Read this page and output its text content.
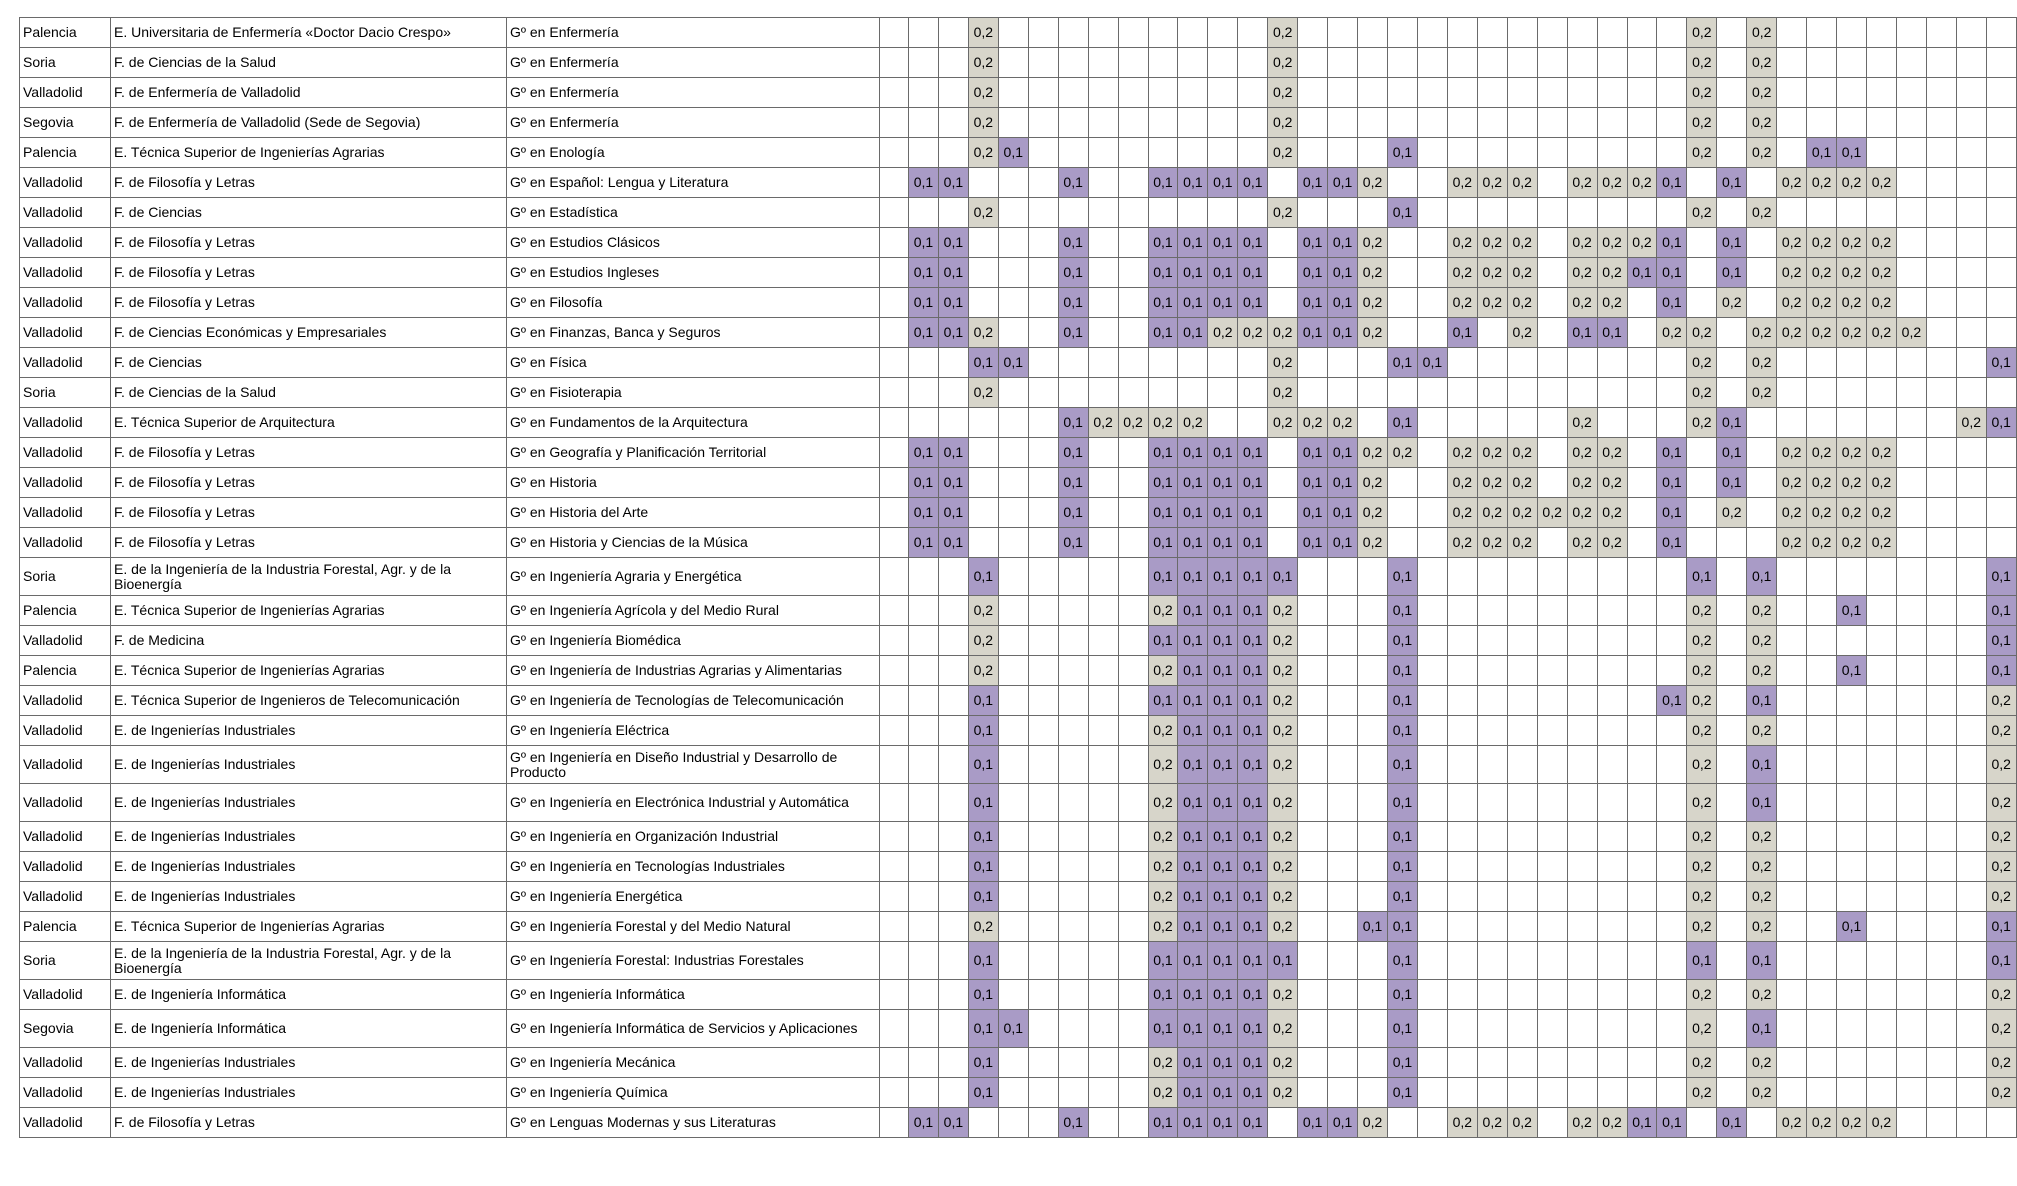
Palencia	E. Universitaria de Enfermería «Doctor Dacio Crespo»	Gº en Enfermería				0,2										0,2														0,2		0,2								
Soria	F. de Ciencias de la Salud	Gº en Enfermería				0,2										0,2														0,2		0,2								
Valladolid	F. de Enfermería de Valladolid	Gº en Enfermería				0,2										0,2														0,2		0,2								
Segovia	F. de Enfermería de Valladolid (Sede de Segovia)	Gº en Enfermería				0,2										0,2														0,2		0,2								
Palencia	E. Técnica Superior de Ingenierías Agrarias	Gº en Enología				0,2	0,1									0,2				0,1										0,2		0,2		0,1	0,1					
Valladolid	F. de Filosofía y Letras	Gº en Español: Lengua y Literatura		0,1	0,1				0,1			0,1	0,1	0,1	0,1		0,1	0,1	0,2			0,2	0,2	0,2		0,2	0,2	0,2	0,1		0,1		0,2	0,2	0,2	0,2				
Valladolid	F. de Ciencias	Gº en Estadística				0,2										0,2				0,1										0,2		0,2								
Valladolid	F. de Filosofía y Letras	Gº en Estudios Clásicos		0,1	0,1				0,1			0,1	0,1	0,1	0,1		0,1	0,1	0,2			0,2	0,2	0,2		0,2	0,2	0,2	0,1		0,1		0,2	0,2	0,2	0,2				
Valladolid	F. de Filosofía y Letras	Gº en Estudios Ingleses		0,1	0,1				0,1			0,1	0,1	0,1	0,1		0,1	0,1	0,2			0,2	0,2	0,2		0,2	0,2	0,1	0,1		0,1		0,2	0,2	0,2	0,2				
Valladolid	F. de Filosofía y Letras	Gº en Filosofía		0,1	0,1				0,1			0,1	0,1	0,1	0,1		0,1	0,1	0,2			0,2	0,2	0,2		0,2	0,2		0,1		0,2		0,2	0,2	0,2	0,2				
Valladolid	F. de Ciencias Económicas y Empresariales	Gº en Finanzas, Banca y Seguros		0,1	0,1	0,2			0,1			0,1	0,1	0,2	0,2	0,2	0,1	0,1	0,2			0,1		0,2		0,1	0,1		0,2	0,2		0,2	0,2	0,2	0,2	0,2	0,2			
Valladolid	F. de Ciencias	Gº en Física				0,1	0,1									0,2				0,1	0,1									0,2		0,2								0,1
Soria	F. de Ciencias de la Salud	Gº en Fisioterapia				0,2										0,2														0,2		0,2								
Valladolid	E. Técnica Superior de Arquitectura	Gº en Fundamentos de la Arquitectura							0,1	0,2	0,2	0,2	0,2			0,2	0,2	0,2		0,1						0,2				0,2	0,1								0,2	0,1
Valladolid	F. de Filosofía y Letras	Gº en Geografía y Planificación Territorial		0,1	0,1				0,1			0,1	0,1	0,1	0,1		0,1	0,1	0,2	0,2		0,2	0,2	0,2		0,2	0,2		0,1		0,1		0,2	0,2	0,2	0,2				
Valladolid	F. de Filosofía y Letras	Gº en Historia		0,1	0,1				0,1			0,1	0,1	0,1	0,1		0,1	0,1	0,2			0,2	0,2	0,2		0,2	0,2		0,1		0,1		0,2	0,2	0,2	0,2				
Valladolid	F. de Filosofía y Letras	Gº en Historia del Arte		0,1	0,1				0,1			0,1	0,1	0,1	0,1		0,1	0,1	0,2			0,2	0,2	0,2	0,2	0,2	0,2		0,1		0,2		0,2	0,2	0,2	0,2				
Valladolid	F. de Filosofía y Letras	Gº en Historia y Ciencias de la Música		0,1	0,1				0,1			0,1	0,1	0,1	0,1		0,1	0,1	0,2			0,2	0,2	0,2		0,2	0,2		0,1				0,2	0,2	0,2	0,2				
Soria	E. de la Ingeniería de la Industria Forestal, Agr. y de la Bioenergía	Gº en Ingeniería Agraria y Energética				0,1						0,1	0,1	0,1	0,1	0,1				0,1										0,1		0,1								0,1
Palencia	E. Técnica Superior de Ingenierías Agrarias	Gº en Ingeniería Agrícola y del Medio Rural				0,2						0,2	0,1	0,1	0,1	0,2				0,1										0,2		0,2			0,1					0,1
Valladolid	F. de Medicina	Gº en Ingeniería Biomédica				0,2						0,1	0,1	0,1	0,1	0,2				0,1										0,2		0,2								0,1
Palencia	E. Técnica Superior de Ingenierías Agrarias	Gº en Ingeniería de Industrias Agrarias y Alimentarias				0,2						0,2	0,1	0,1	0,1	0,2				0,1										0,2		0,2			0,1					0,1
Valladolid	E. Técnica Superior de Ingenieros de Telecomunicación	Gº en Ingeniería de Tecnologías de Telecomunicación				0,1						0,1	0,1	0,1	0,1	0,2				0,1									0,1	0,2		0,1								0,2
Valladolid	E. de Ingenierías Industriales	Gº en Ingeniería Eléctrica				0,1						0,2	0,1	0,1	0,1	0,2				0,1										0,2		0,2								0,2
Valladolid	E. de Ingenierías Industriales	Gº en Ingeniería en Diseño Industrial y Desarrollo de Producto				0,1						0,2	0,1	0,1	0,1	0,2				0,1										0,2		0,1								0,2
Valladolid	E. de Ingenierías Industriales	Gº en Ingeniería en Electrónica Industrial y Automática				0,1						0,2	0,1	0,1	0,1	0,2				0,1										0,2		0,1								0,2
Valladolid	E. de Ingenierías Industriales	Gº en Ingeniería en Organización Industrial				0,1						0,2	0,1	0,1	0,1	0,2				0,1										0,2		0,2								0,2
Valladolid	E. de Ingenierías Industriales	Gº en Ingeniería en Tecnologías Industriales				0,1						0,2	0,1	0,1	0,1	0,2				0,1										0,2		0,2								0,2
Valladolid	E. de Ingenierías Industriales	Gº en Ingeniería Energética				0,1						0,2	0,1	0,1	0,1	0,2				0,1										0,2		0,2								0,2
Palencia	E. Técnica Superior de Ingenierías Agrarias	Gº en Ingeniería Forestal y del Medio Natural				0,2						0,2	0,1	0,1	0,1	0,2			0,1	0,1										0,2		0,2			0,1					0,1
Soria	E. de la Ingeniería de la Industria Forestal, Agr. y de la Bioenergía	Gº en Ingeniería Forestal: Industrias Forestales				0,1						0,1	0,1	0,1	0,1	0,1				0,1										0,1		0,1								0,1
Valladolid	E. de Ingeniería Informática	Gº en Ingeniería Informática				0,1						0,1	0,1	0,1	0,1	0,2				0,1										0,2		0,2								0,2
Segovia	E. de Ingeniería Informática	Gº en Ingeniería Informática de Servicios y Aplicaciones				0,1	0,1					0,1	0,1	0,1	0,1	0,2				0,1										0,2		0,1								0,2
Valladolid	E. de Ingenierías Industriales	Gº en Ingeniería Mecánica				0,1						0,2	0,1	0,1	0,1	0,2				0,1										0,2		0,2								0,2
Valladolid	E. de Ingenierías Industriales	Gº en Ingeniería Química				0,1						0,2	0,1	0,1	0,1	0,2				0,1										0,2		0,2								0,2
Valladolid	F. de Filosofía y Letras	Gº en Lenguas Modernas y sus Literaturas		0,1	0,1				0,1			0,1	0,1	0,1	0,1		0,1	0,1	0,2			0,2	0,2	0,2		0,2	0,2	0,1	0,1		0,1		0,2	0,2	0,2	0,2				
